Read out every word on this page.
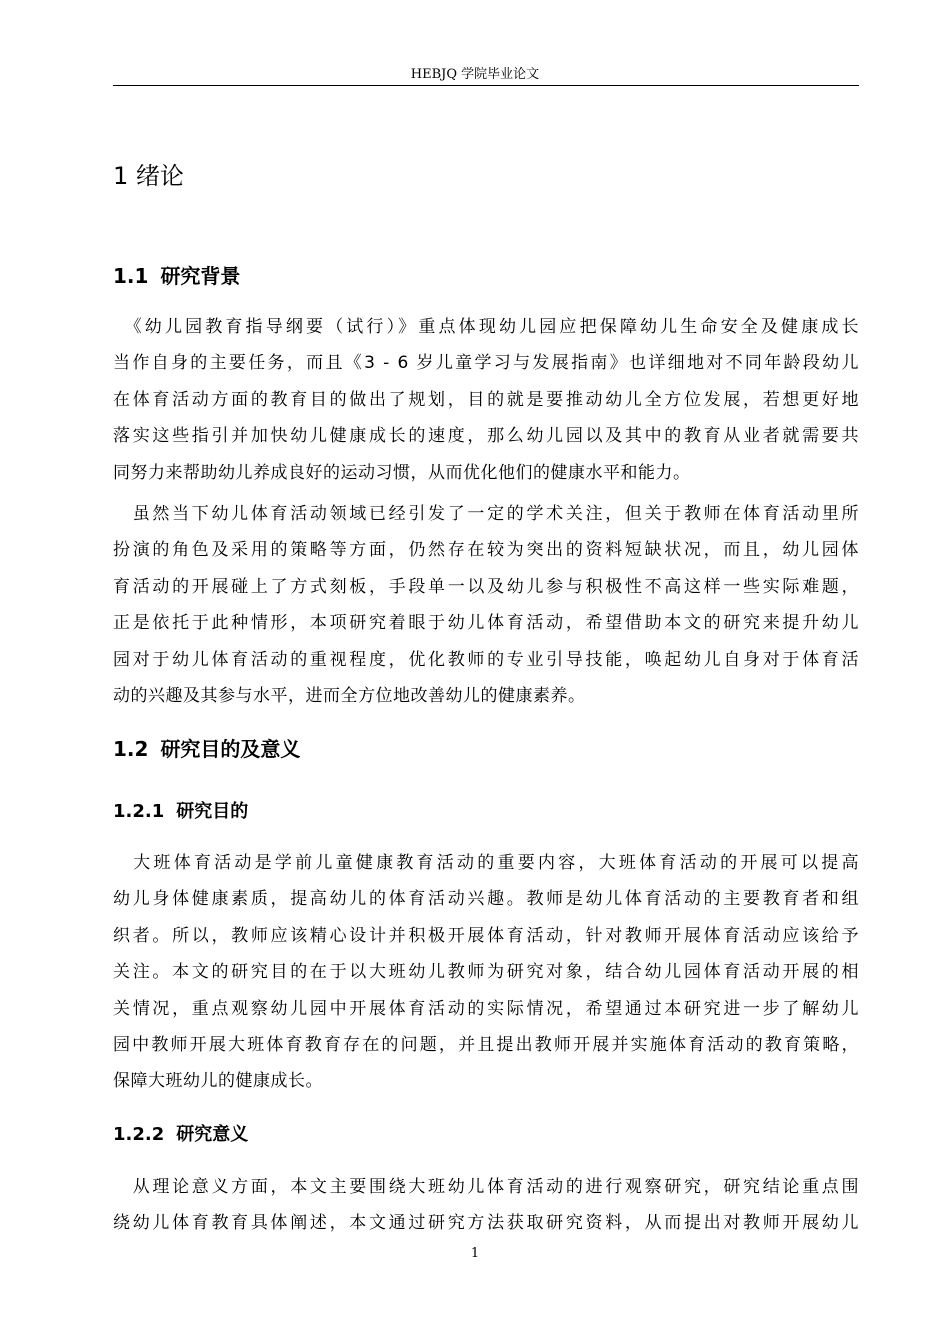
HEBJQ 学院毕业论文
1 绪论
1.1 研究背景
　《幼儿园教育指导纲要（试行）》重点体现幼儿园应把保障幼儿生命安全及健康成长
当作自身的主要任务，而且《3 - 6 岁儿童学习与发展指南》也详细地对不同年龄段幼儿
在体育活动方面的教育目的做出了规划，目的就是要推动幼儿全方位发展，若想更好地
落实这些指引并加快幼儿健康成长的速度，那么幼儿园以及其中的教育从业者就需要共
同努力来帮助幼儿养成良好的运动习惯，从而优化他们的健康水平和能力。
　虽然当下幼儿体育活动领域已经引发了一定的学术关注，但关于教师在体育活动里所
扮演的角色及采用的策略等方面，仍然存在较为突出的资料短缺状况，而且，幼儿园体
育活动的开展碰上了方式刻板，手段单一以及幼儿参与积极性不高这样一些实际难题，
正是依托于此种情形，本项研究着眼于幼儿体育活动，希望借助本文的研究来提升幼儿
园对于幼儿体育活动的重视程度，优化教师的专业引导技能，唤起幼儿自身对于体育活
动的兴趣及其参与水平，进而全方位地改善幼儿的健康素养。
1.2 研究目的及意义
1.2.1 研究目的
　大班体育活动是学前儿童健康教育活动的重要内容，大班体育活动的开展可以提高
幼儿身体健康素质，提高幼儿的体育活动兴趣。教师是幼儿体育活动的主要教育者和组
织者。所以，教师应该精心设计并积极开展体育活动，针对教师开展体育活动应该给予
关注。本文的研究目的在于以大班幼儿教师为研究对象，结合幼儿园体育活动开展的相
关情况，重点观察幼儿园中开展体育活动的实际情况，希望通过本研究进一步了解幼儿
园中教师开展大班体育教育存在的问题，并且提出教师开展并实施体育活动的教育策略，
保障大班幼儿的健康成长。
1.2.2 研究意义
　从理论意义方面，本文主要围绕大班幼儿体育活动的进行观察研究，研究结论重点围
绕幼儿体育教育具体阐述，本文通过研究方法获取研究资料，从而提出对教师开展幼儿
1
